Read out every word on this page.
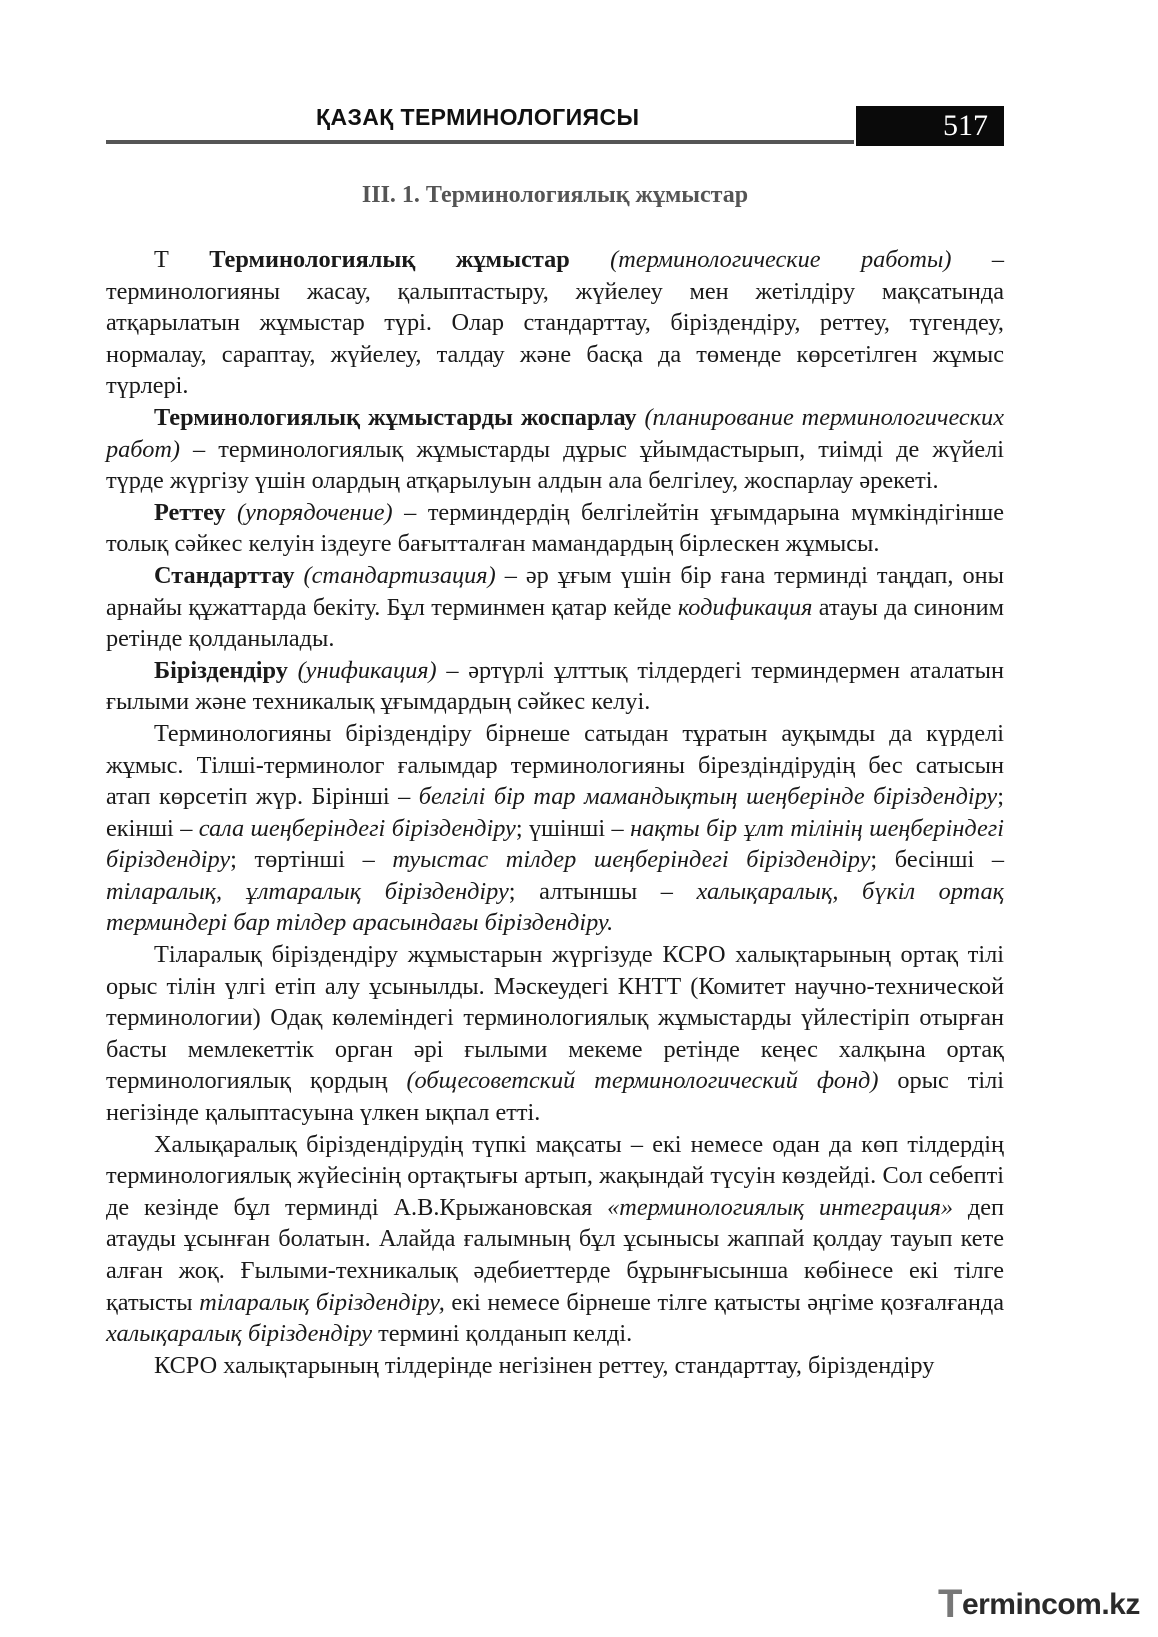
ҚАЗАҚ ТЕРМИНОЛОГИЯСЫ	517
ІІІ. 1. Терминологиялық жұмыстар

Т Терминологиялық жұмыстар (терминологические работы) – терминологияны жасау, қалыптастыру, жүйелеу мен жетілдіру мақсатында атқарылатын жұмыстар түрі. Олар стандарттау, біріздендіру, реттеу, түгендеу, нормалау, сараптау, жүйелеу, талдау және басқа да төменде көрсетілген жұмыс түрлері.

Терминологиялық жұмыстарды жоспарлау (планирование терминологических работ) – терминологиялық жұмыстарды дұрыс ұйымдастырып, тиімді де жүйелі түрде жүргізу үшін олардың атқарылуын алдын ала белгілеу, жоспарлау әрекеті.

Реттеу (упорядочение) – терминдердің белгілейтін ұғымдарына мүмкіндігінше толық сәйкес келуін іздеуге бағытталған мамандардың бірлескен жұмысы.

Стандарттау (стандартизация) – әр ұғым үшін бір ғана терминді таңдап, оны арнайы құжаттарда бекіту. Бұл терминмен қатар кейде кодификация атауы да синоним ретінде қолданылады.

Біріздендіру (унификация) – әртүрлі ұлттық тілдердегі терминдермен аталатын ғылыми және техникалық ұғымдардың сәйкес келуі.

Терминологияны біріздендіру бірнеше сатыдан тұратын ауқымды да күрделі жұмыс. Тілші-терминолог ғалымдар терминологияны бірездіндірудің бес сатысын атап көрсетіп жүр. Бірінші – белгілі бір тар мамандықтың шеңберінде біріздендіру; екінші – сала шеңберіндегі біріздендіру; үшінші – нақты бір ұлт тілінің шеңберіндегі біріздендіру; төртінші – туыстас тілдер шеңберіндегі біріздендіру; бесінші – тіларалық, ұлтаралық біріздендіру; алтыншы – халықаралық, бүкіл ортақ терминдері бар тілдер арасындағы біріздендіру.

Тіларалық біріздендіру жұмыстарын жүргізуде КСРО халықтарының ортақ тілі орыс тілін үлгі етіп алу ұсынылды. Мәскеудегі КНТТ (Комитет научно-технической терминологии) Одақ көлеміндегі терминологиялық жұмыстарды үйлестіріп отырған басты мемлекеттік орган әрі ғылыми мекеме ретінде кеңес халқына ортақ терминологиялық қордың (общесоветский терминологический фонд) орыс тілі негізінде қалыптасуына үлкен ықпал етті.

Халықаралық біріздендірудің түпкі мақсаты – екі немесе одан да көп тілдердің терминологиялық жүйесінің ортақтығы артып, жақындай түсуін көздейді. Сол себепті де кезінде бұл терминді А.В.Крыжановская «терминологиялық интеграция» деп атауды ұсынған болатын. Алайда ғалымның бұл ұсынысы жаппай қолдау тауып кете алған жоқ. Ғылыми-техникалық әдебиеттерде бұрынғысынша көбінесе екі тілге қатысты тіларалық біріздендіру, екі немесе бірнеше тілге қатысты әңгіме қозғалғанда халықаралық біріздендіру термині қолданып келді.

КСРО халықтарының тілдерінде негізінен реттеу, стандарттау, біріздендіру

Termincom.kz
